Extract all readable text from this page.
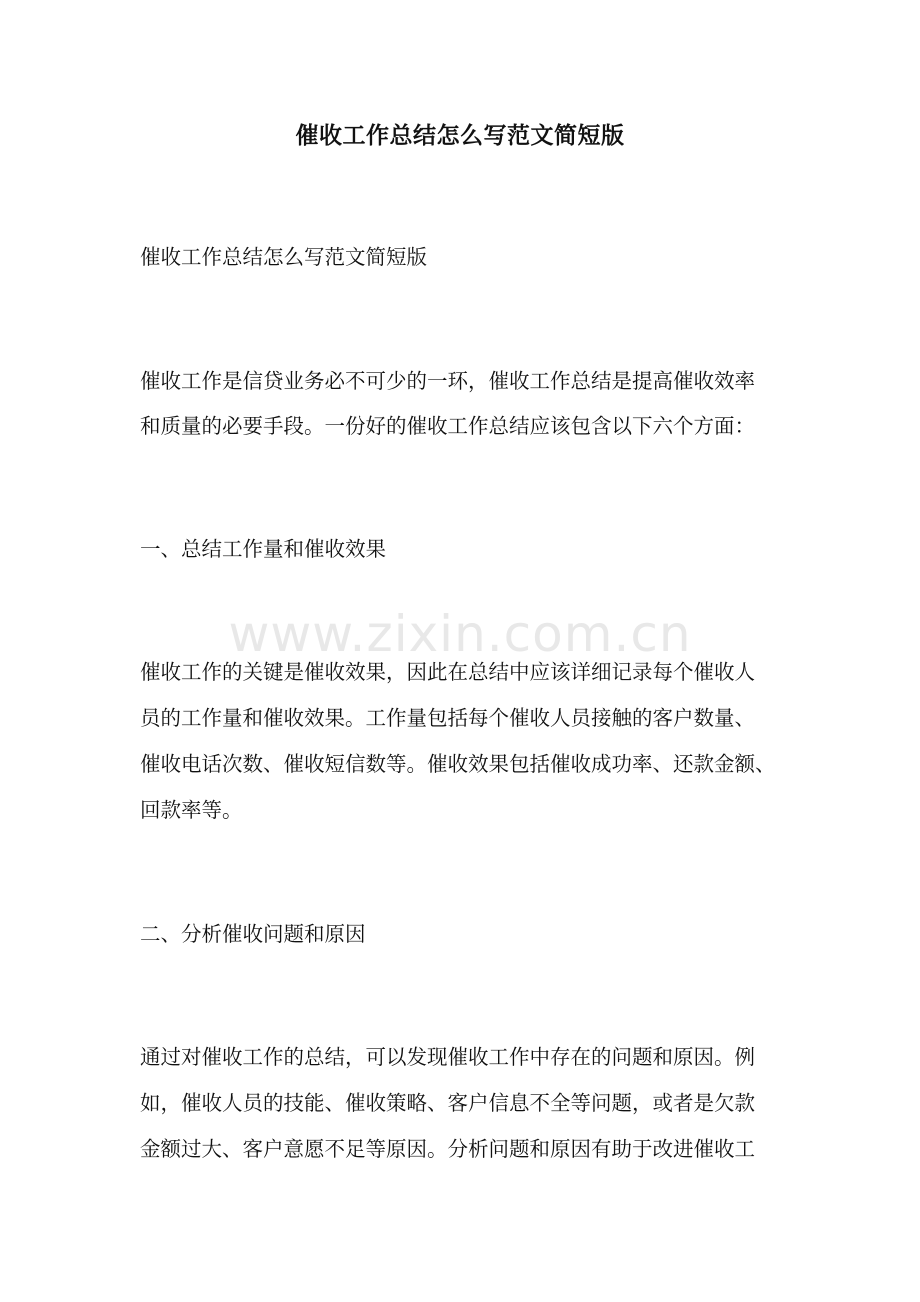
www.zixin.com.cn
催收工作总结怎么写范文简短版
催收工作总结怎么写范文简短版
催收工作是信贷业务必不可少的一环，催收工作总结是提高催收效率
和质量的必要手段。一份好的催收工作总结应该包含以下六个方面：
一、总结工作量和催收效果
催收工作的关键是催收效果，因此在总结中应该详细记录每个催收人
员的工作量和催收效果。工作量包括每个催收人员接触的客户数量、
催收电话次数、催收短信数等。催收效果包括催收成功率、还款金额、
回款率等。
二、分析催收问题和原因
通过对催收工作的总结，可以发现催收工作中存在的问题和原因。例
如，催收人员的技能、催收策略、客户信息不全等问题，或者是欠款
金额过大、客户意愿不足等原因。分析问题和原因有助于改进催收工
